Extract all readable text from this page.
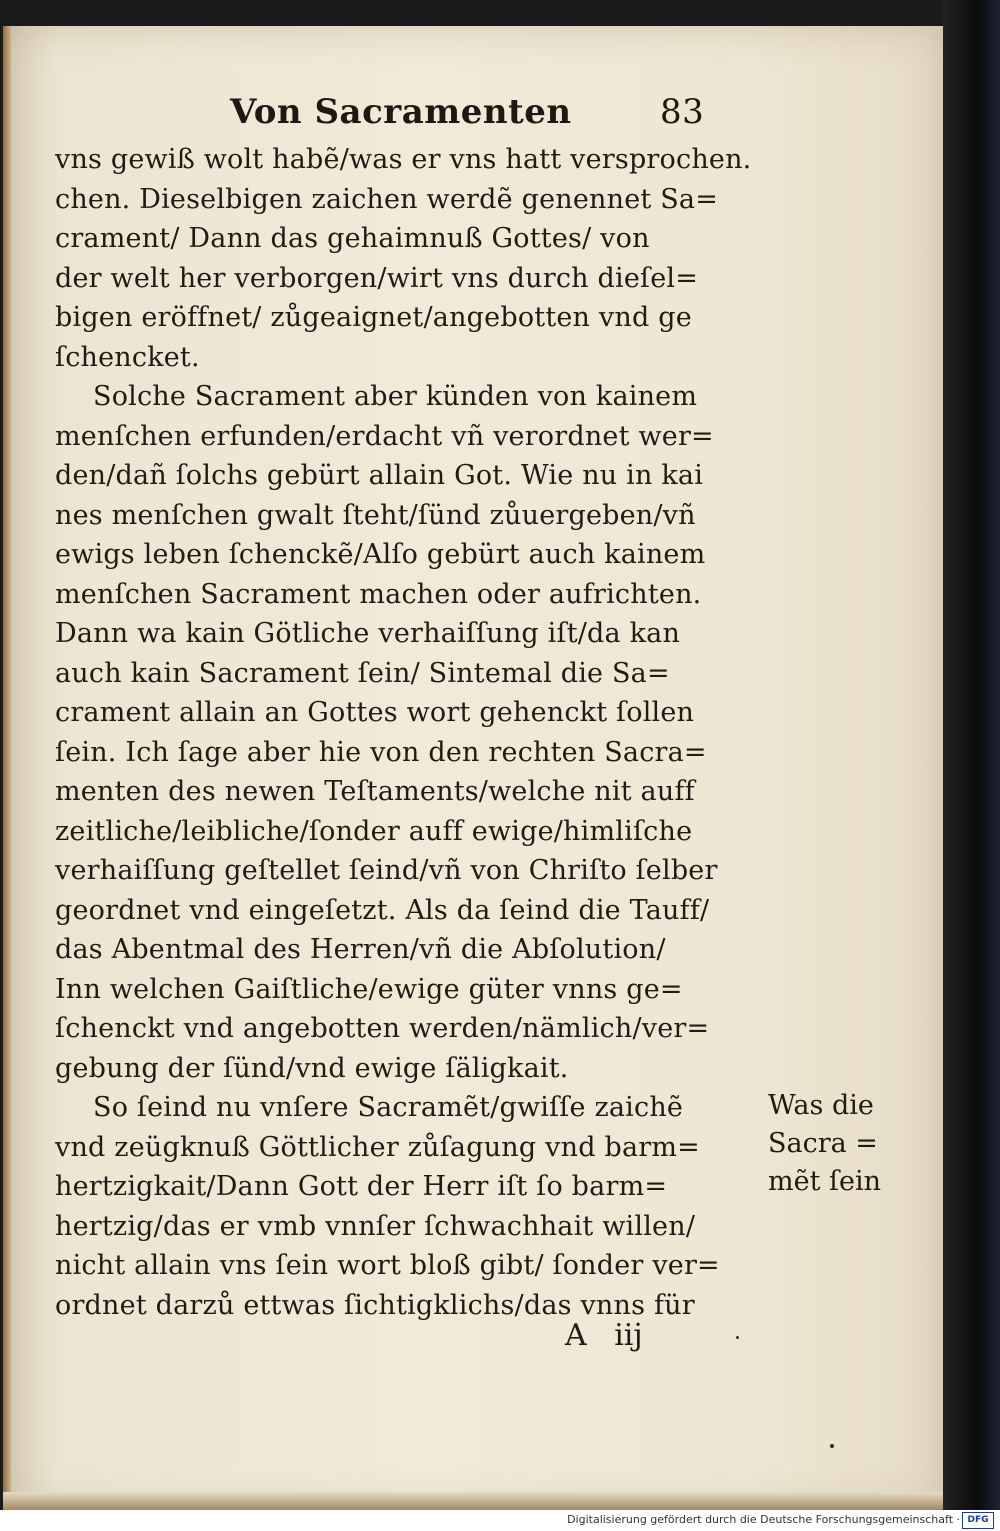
Von Sacramenten	83
vns gewiß wolt habẽ/was er vns hatt versprochen.
chen. Dieselbigen zaichen werdẽ genennet Sa=
crament/ Dann das gehaimnuß Gottes/ von
der welt her verborgen/wirt vns durch dieſel=
bigen eröffnet/ zůgeaignet/angebotten vnd ge
ſchencket.
Solche Sacrament aber künden von kainem
menſchen erfunden/erdacht vñ verordnet wer=
den/dañ ſolchs gebürt allain Got. Wie nu in kai
nes menſchen gwalt ſteht/ſünd zůuergeben/vñ
ewigs leben ſchenckẽ/Alſo gebürt auch kainem
menſchen Sacrament machen oder aufrichten.
Dann wa kain Götliche verhaiſſung iſt/da kan
auch kain Sacrament ſein/ Sintemal die Sa=
crament allain an Gottes wort gehenckt ſollen
ſein. Ich ſage aber hie von den rechten Sacra=
menten des newen Teſtaments/welche nit auff
zeitliche/leibliche/ſonder auff ewige/himliſche
verhaiſſung geſtellet ſeind/vñ von Chriſto ſelber
geordnet vnd eingeſetzt. Als da ſeind die Tauff/
das Abentmal des Herren/vñ die Abſolution/
Inn welchen Gaiſtliche/ewige güter vnns ge=
ſchenckt vnd angebotten werden/nämlich/ver=
gebung der ſünd/vnd ewige ſäligkait.
So ſeind nu vnſere Sacramẽt/gwiſſe zaichẽ
vnd zeügknuß Göttlicher zůſagung vnd barm=
hertzigkait/Dann Gott der Herr iſt ſo barm=
hertzig/das er vmb vnnſer ſchwachhait willen/
nicht allain vns ſein wort bloß gibt/ ſonder ver=
ordnet darzů ettwas ſichtigklichs/das vnns für
Was die
Sacra =
mẽt ſein
A iij
Digitalisierung gefördert durch die Deutsche Forschungsgemeinschaft · DFG
